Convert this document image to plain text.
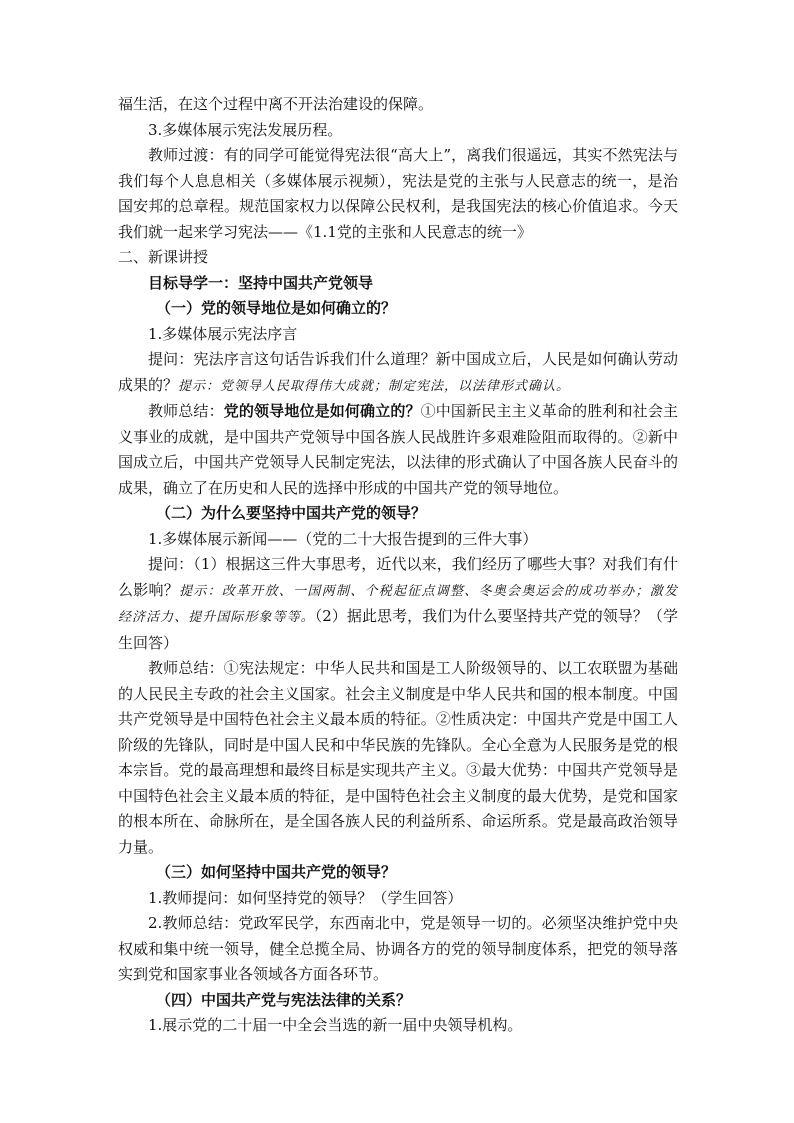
福生活，在这个过程中离不开法治建设的保障。

3.多媒体展示宪法发展历程。

教师过渡：有的同学可能觉得宪法很“高大上”，离我们很遥远，其实不然宪法与我们每个人息息相关（多媒体展示视频），宪法是党的主张与人民意志的统一，是治国安邦的总章程。规范国家权力以保障公民权利，是我国宪法的核心价值追求。今天我们就一起来学习宪法——《1.1党的主张和人民意志的统一》

二、新课讲授

目标导学一：坚持中国共产党领导

（一）党的领导地位是如何确立的？

1.多媒体展示宪法序言

提问：宪法序言这句话告诉我们什么道理？新中国成立后，人民是如何确认劳动成果的？提示：党领导人民取得伟大成就；制定宪法，以法律形式确认。

教师总结：党的领导地位是如何确立的？①中国新民主主义革命的胜利和社会主义事业的成就，是中国共产党领导中国各族人民战胜许多艰难险阻而取得的。②新中国成立后，中国共产党领导人民制定宪法，以法律的形式确认了中国各族人民奋斗的成果，确立了在历史和人民的选择中形成的中国共产党的领导地位。

（二）为什么要坚持中国共产党的领导？

1.多媒体展示新闻——（党的二十大报告提到的三件大事）

提问：（1）根据这三件大事思考，近代以来，我们经历了哪些大事？对我们有什么影响？提示：改革开放、一国两制、个税起征点调整、冬奥会奥运会的成功举办；激发经济活力、提升国际形象等等。（2）据此思考，我们为什么要坚持共产党的领导？（学生回答）

教师总结：①宪法规定：中华人民共和国是工人阶级领导的、以工农联盟为基础的人民民主专政的社会主义国家。社会主义制度是中华人民共和国的根本制度。中国共产党领导是中国特色社会主义最本质的特征。②性质决定：中国共产党是中国工人阶级的先锋队，同时是中国人民和中华民族的先锋队。全心全意为人民服务是党的根本宗旨。党的最高理想和最终目标是实现共产主义。③最大优势：中国共产党领导是中国特色社会主义最本质的特征，是中国特色社会主义制度的最大优势，是党和国家的根本所在、命脉所在，是全国各族人民的利益所系、命运所系。党是最高政治领导力量。

（三）如何坚持中国共产党的领导？

1.教师提问：如何坚持党的领导？（学生回答）

2.教师总结：党政军民学，东西南北中，党是领导一切的。必须坚决维护党中央权威和集中统一领导，健全总揽全局、协调各方的党的领导制度体系，把党的领导落实到党和国家事业各领域各方面各环节。

（四）中国共产党与宪法法律的关系？

1.展示党的二十届一中全会当选的新一届中央领导机构。
